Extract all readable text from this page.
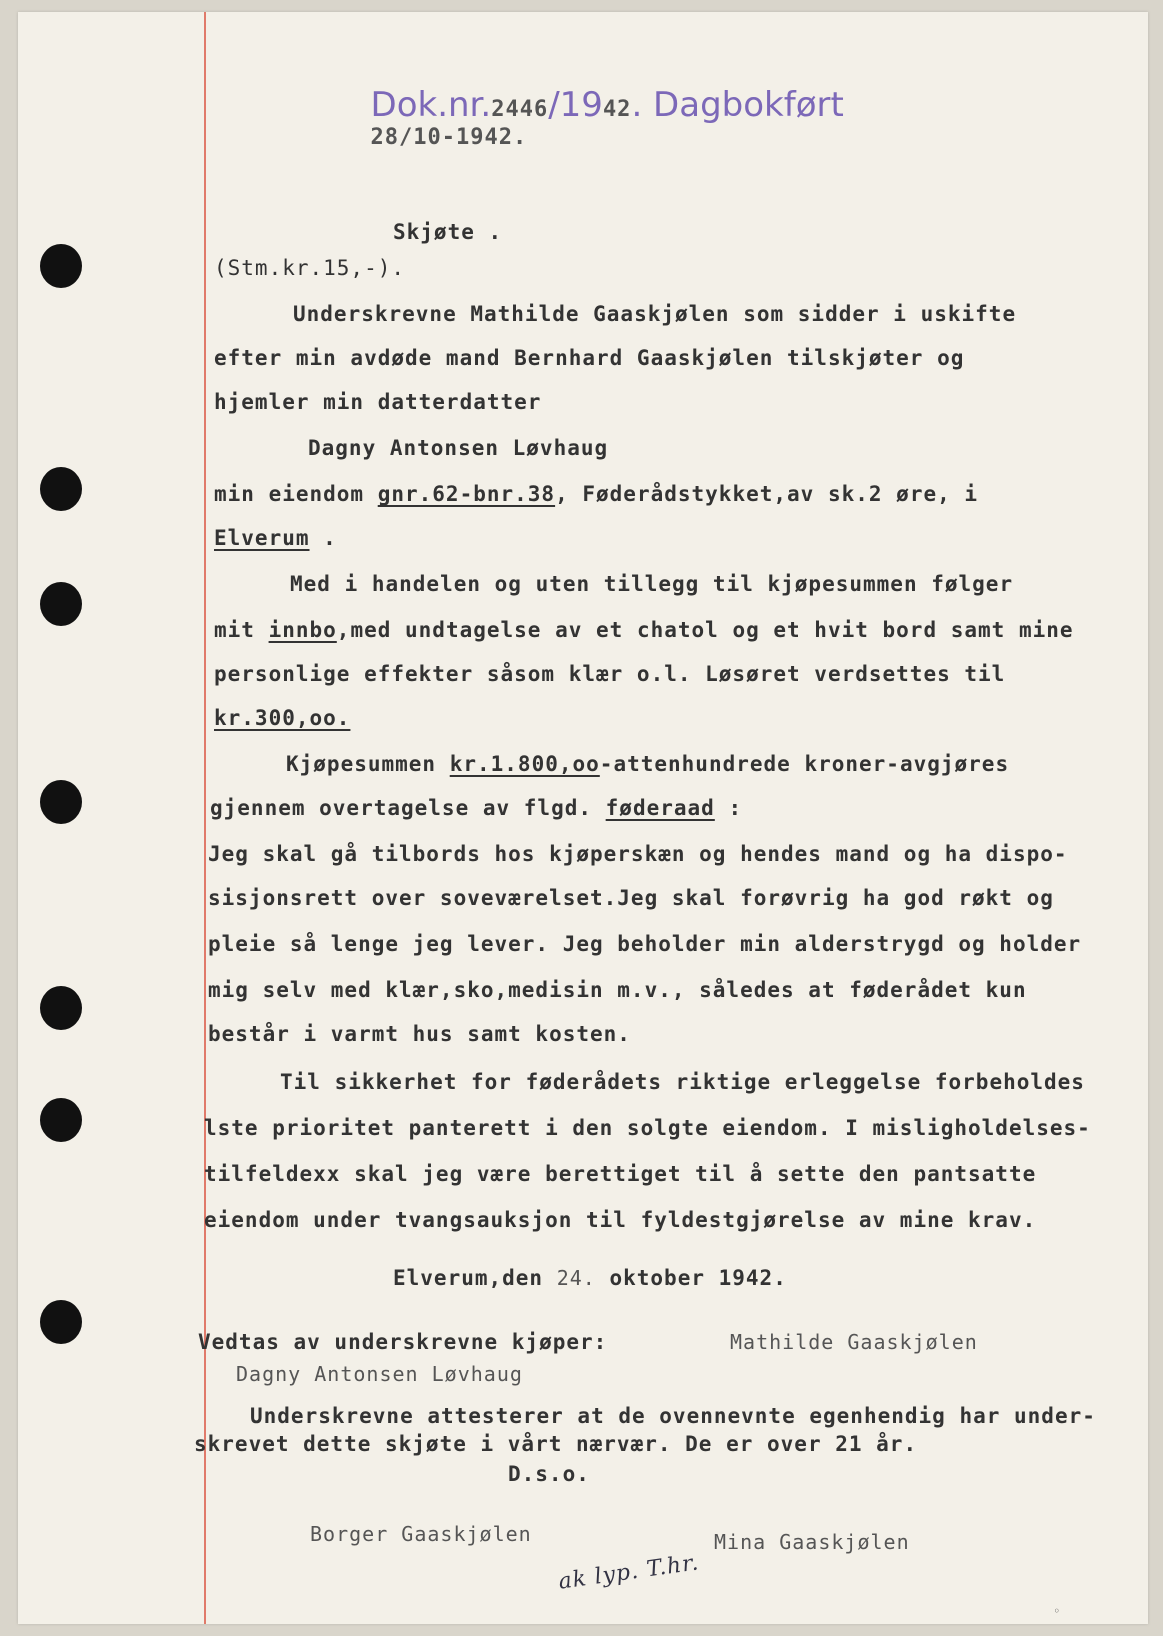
Dok.nr.2446/1942. Dagbokført
28/10-1942.

Skjøte .
(Stm.kr.15,-).
Underskrevne Mathilde Gaaskjølen som sidder i uskifte
efter min avdøde mand Bernhard Gaaskjølen tilskjøter og
hjemler min datterdatter
Dagny Antonsen Løvhaug
min eiendom gnr.62-bnr.38, Føderådstykket,av sk.2 øre, i
Elverum .
Med i handelen og uten tillegg til kjøpesummen følger
mit innbo,med undtagelse av et chatol og et hvit bord samt mine
personlige effekter såsom klær o.l. Løsøret verdsettes til
kr.300,oo.
Kjøpesummen kr.1.800,oo-attenhundrede kroner-avgjøres
gjennem overtagelse av flgd. føderaad :
Jeg skal gå tilbords hos kjøperskæn og hendes mand og ha dispo-
sisjonsrett over soveværelset.Jeg skal forøvrig ha god røkt og
pleie så lenge jeg lever. Jeg beholder min alderstrygd og holder
mig selv med klær,sko,medisin m.v., således at føderådet kun
består i varmt hus samt kosten.
Til sikkerhet for føderådets riktige erleggelse forbeholdes
lste prioritet panterett i den solgte eiendom. I misligholdelses-
tilfeldexx skal jeg være berettiget til å sette den pantsatte
eiendom under tvangsauksjon til fyldestgjørelse av mine krav.
Elverum,den 24. oktober 1942.
Vedtas av underskrevne kjøper:	Mathilde Gaaskjølen
Dagny Antonsen Løvhaug
Underskrevne attesterer at de ovennevnte egenhendig har under-
skrevet dette skjøte i vårt nærvær. De er over 21 år.
D.s.o.
Borger Gaaskjølen	Mina Gaaskjølen
ak lyp. T.hr.
◦
